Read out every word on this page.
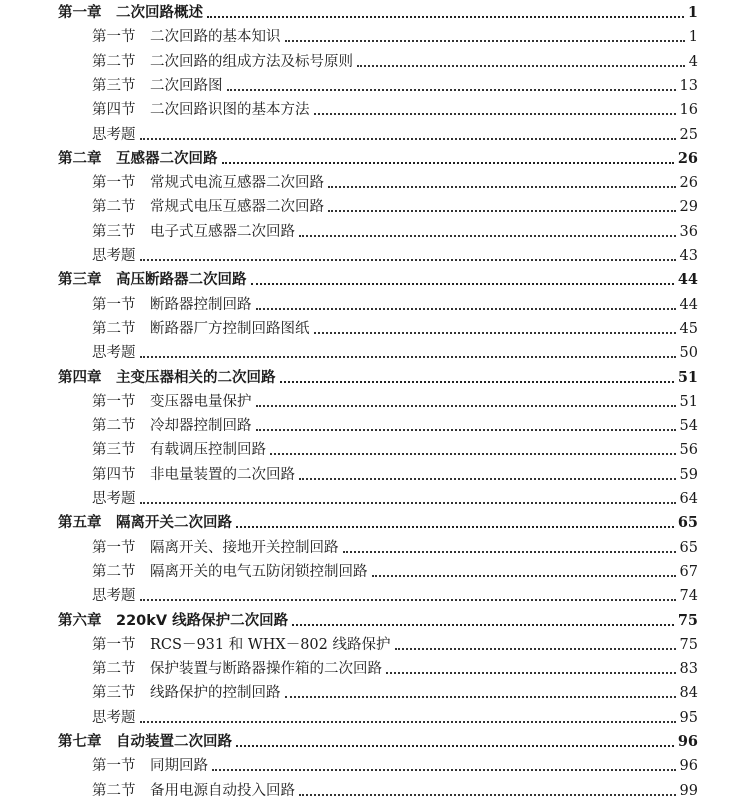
第一章　二次回路概述	1
第一节　二次回路的基本知识	1
第二节　二次回路的组成方法及标号原则	4
第三节　二次回路图	13
第四节　二次回路识图的基本方法	16
思考题	25
第二章　互感器二次回路	26
第一节　常规式电流互感器二次回路	26
第二节　常规式电压互感器二次回路	29
第三节　电子式互感器二次回路	36
思考题	43
第三章　高压断路器二次回路	44
第一节　断路器控制回路	44
第二节　断路器厂方控制回路图纸	45
思考题	50
第四章　主变压器相关的二次回路	51
第一节　变压器电量保护	51
第二节　冷却器控制回路	54
第三节　有载调压控制回路	56
第四节　非电量装置的二次回路	59
思考题	64
第五章　隔离开关二次回路	65
第一节　隔离开关、接地开关控制回路	65
第二节　隔离开关的电气五防闭锁控制回路	67
思考题	74
第六章　220kV 线路保护二次回路	75
第一节　RCS－931 和 WHX－802 线路保护	75
第二节　保护装置与断路器操作箱的二次回路	83
第三节　线路保护的控制回路	84
思考题	95
第七章　自动装置二次回路	96
第一节　同期回路	96
第二节　备用电源自动投入回路	99
